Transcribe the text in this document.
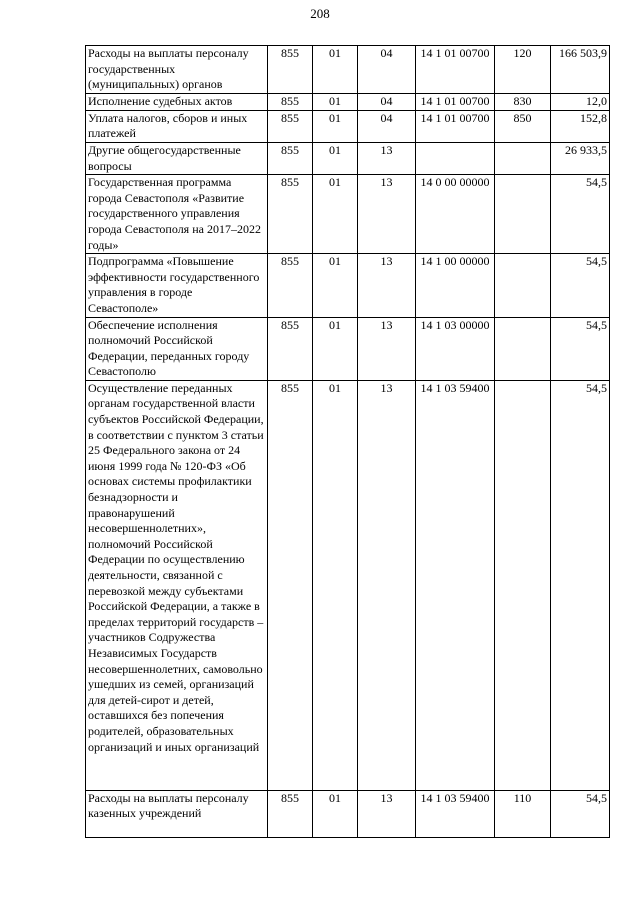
208
Расходы на выплаты персоналу государственных (муниципальных) органов	855	01	04	14 1 01 00700	120	166 503,9
Исполнение судебных актов	855	01	04	14 1 01 00700	830	12,0
Уплата налогов, сборов и иных платежей	855	01	04	14 1 01 00700	850	152,8
Другие общегосударственные вопросы	855	01	13			26 933,5
Государственная программа города Севастополя «Развитие государственного управления города Севастополя на 2017–2022 годы»	855	01	13	14 0 00 00000		54,5
Подпрограмма «Повышение эффективности государственного управления в городе Севастополе»	855	01	13	14 1 00 00000		54,5
Обеспечение исполнения полномочий Российской Федерации, переданных городу Севастополю	855	01	13	14 1 03 00000		54,5
Осуществление переданных органам государственной власти субъектов Российской Федерации, в соответствии с пунктом 3 статьи 25 Федерального закона от 24 июня 1999 года № 120-ФЗ «Об основах системы профилактики безнадзорности и правонарушений несовершеннолетних», полномочий Российской Федерации по осуществлению деятельности, связанной с перевозкой между субъектами Российской Федерации, а также в пределах территорий государств – участников Содружества Независимых Государств несовершеннолетних, самовольно ушедших из семей, организаций для детей-сирот и детей, оставшихся без попечения родителей, образовательных организаций и иных организаций	855	01	13	14 1 03 59400		54,5
Расходы на выплаты персоналу казенных учреждений	855	01	13	14 1 03 59400	110	54,5
